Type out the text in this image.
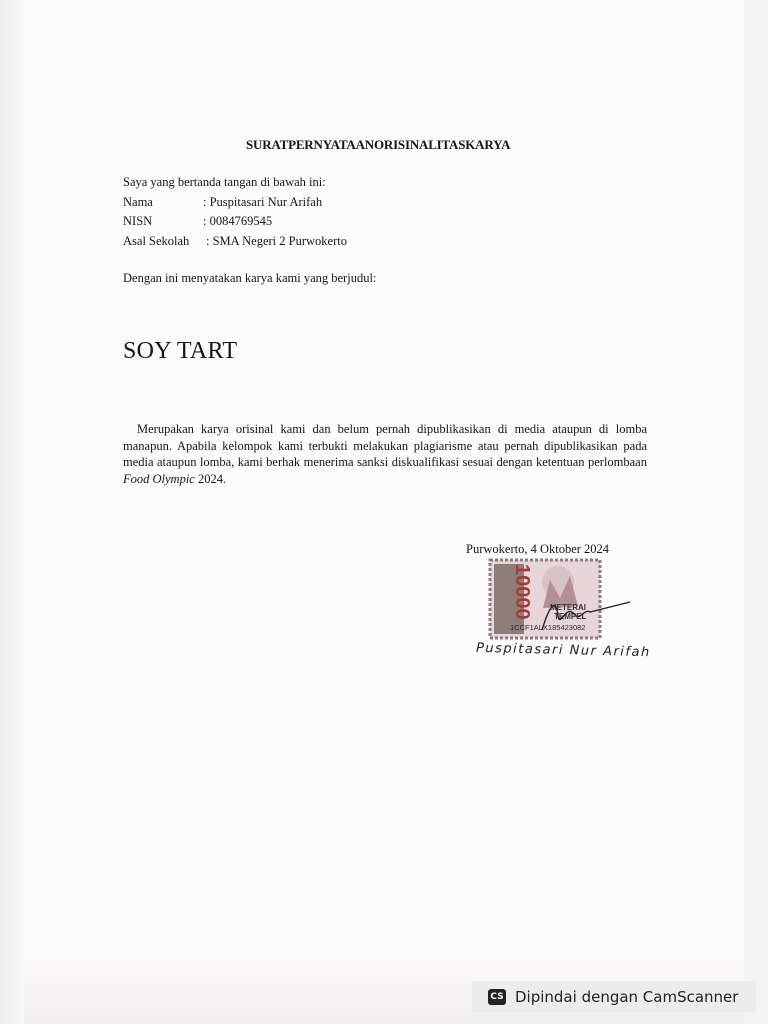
SURATPERNYATAANORISINALITASKARYA
Saya yang bertanda tangan di bawah ini:
Nama	: Puspitasari Nur Arifah
NISN	: 0084769545
Asal Sekolah : SMA Negeri 2 Purwokerto
Dengan ini menyatakan karya kami yang berjudul:
SOY TART
Merupakan karya orisinal kami dan belum pernah dipublikasikan di media ataupun di lomba manapun. Apabila kelompok kami terbukti melakukan plagiarisme atau pernah dipublikasikan pada media ataupun lomba, kami berhak menerima sanksi diskualifikasi sesuai dengan ketentuan perlombaan Food Olympic 2024.
Purwokerto, 4 Oktober 2024
10000 METERAI
TEMPEL
1CCF1ALX185423082
Puspitasari Nur Arifah
CS Dipindai dengan CamScanner
